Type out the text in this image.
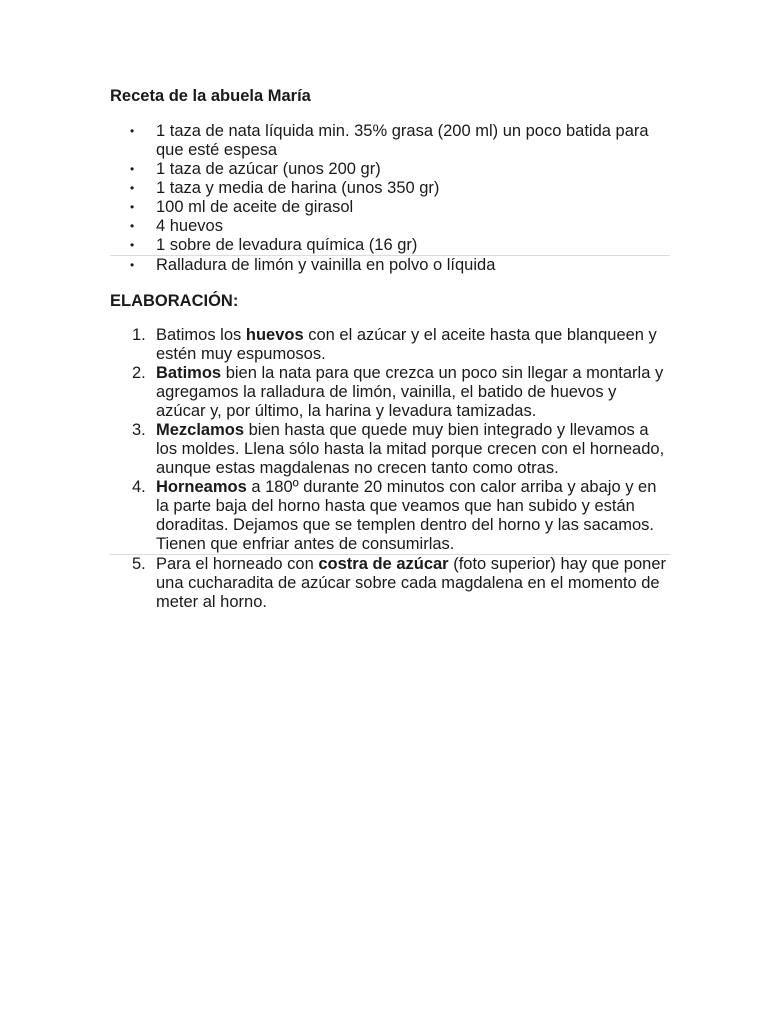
Receta de la abuela María
• 1 taza de nata líquida min. 35% grasa (200 ml) un poco batida para que esté espesa
• 1 taza de azúcar (unos 200 gr)
• 1 taza y media de harina (unos 350 gr)
• 100 ml de aceite de girasol
• 4 huevos
• 1 sobre de levadura química (16 gr)
• Ralladura de limón y vainilla en polvo o líquida
ELABORACIÓN:
1. Batimos los huevos con el azúcar y el aceite hasta que blanqueen y estén muy espumosos.
2. Batimos bien la nata para que crezca un poco sin llegar a montarla y agregamos la ralladura de limón, vainilla, el batido de huevos y azúcar y, por último, la harina y levadura tamizadas.
3. Mezclamos bien hasta que quede muy bien integrado y llevamos a los moldes. Llena sólo hasta la mitad porque crecen con el horneado, aunque estas magdalenas no crecen tanto como otras.
4. Horneamos a 180º durante 20 minutos con calor arriba y abajo y en la parte baja del horno hasta que veamos que han subido y están doraditas. Dejamos que se templen dentro del horno y las sacamos. Tienen que enfriar antes de consumirlas.
5. Para el horneado con costra de azúcar (foto superior) hay que poner una cucharadita de azúcar sobre cada magdalena en el momento de meter al horno.
